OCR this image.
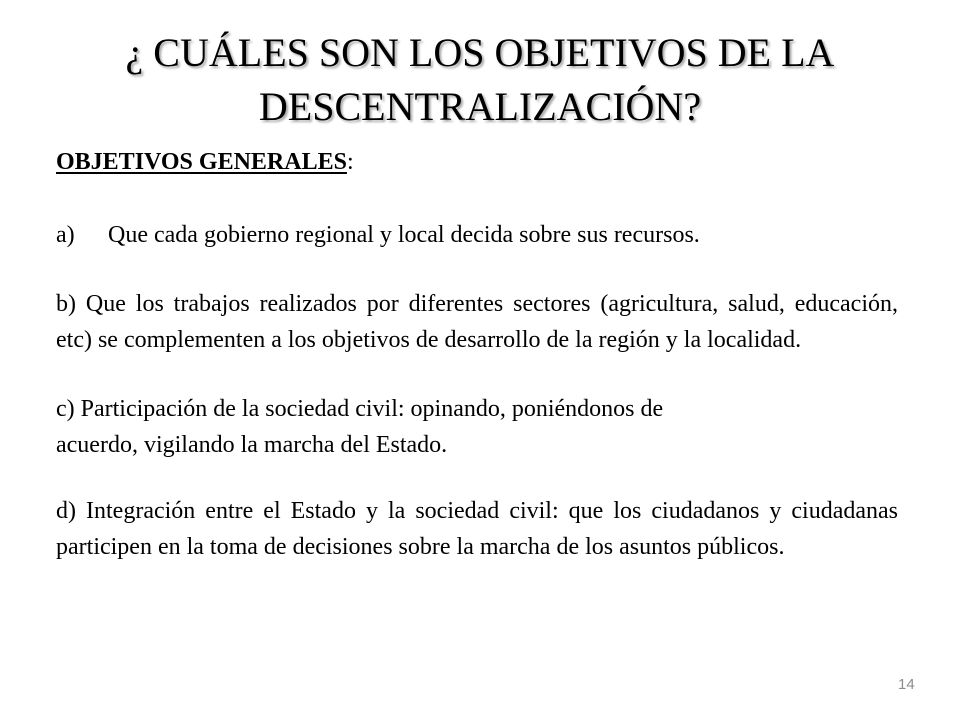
¿ CUÁLES SON LOS OBJETIVOS DE LA
DESCENTRALIZACIÓN?

OBJETIVOS GENERALES:

a) Que cada gobierno regional y local decida sobre sus recursos.

b) Que los trabajos realizados por diferentes sectores (agricultura, salud, educación, etc) se complementen a los objetivos de desarrollo de la región y la localidad.

c) Participación de la sociedad civil: opinando, poniéndonos de
acuerdo, vigilando la marcha del Estado.

d) Integración entre el Estado y la sociedad civil: que los ciudadanos y ciudadanas participen en la toma de decisiones sobre la marcha de los asuntos públicos.

14
